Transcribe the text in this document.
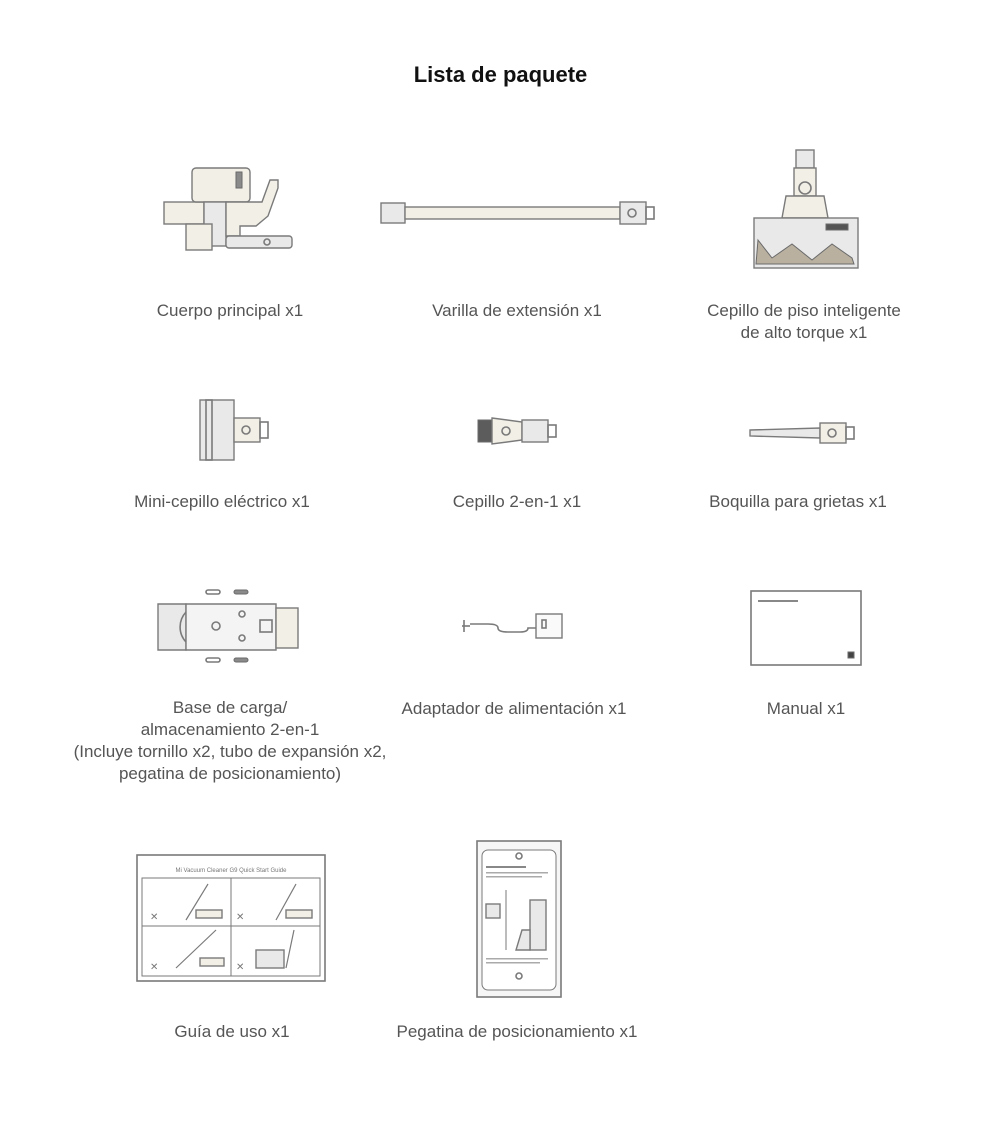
Lista de paquete
Cuerpo principal x1	Varilla de extensión x1	Cepillo de piso inteligente
de alto torque x1
Mini-cepillo eléctrico x1	Cepillo 2-en-1 x1	Boquilla para grietas x1
Base de carga/
almacenamiento 2-en-1
(Incluye tornillo x2, tubo de expansión x2,
pegatina de posicionamiento)
Adaptador de alimentación x1	Manual x1
Mi Vacuum Cleaner G9 Quick Start Guide
✕	✕
✕	✕
Guía de uso x1	Pegatina de posicionamiento x1
